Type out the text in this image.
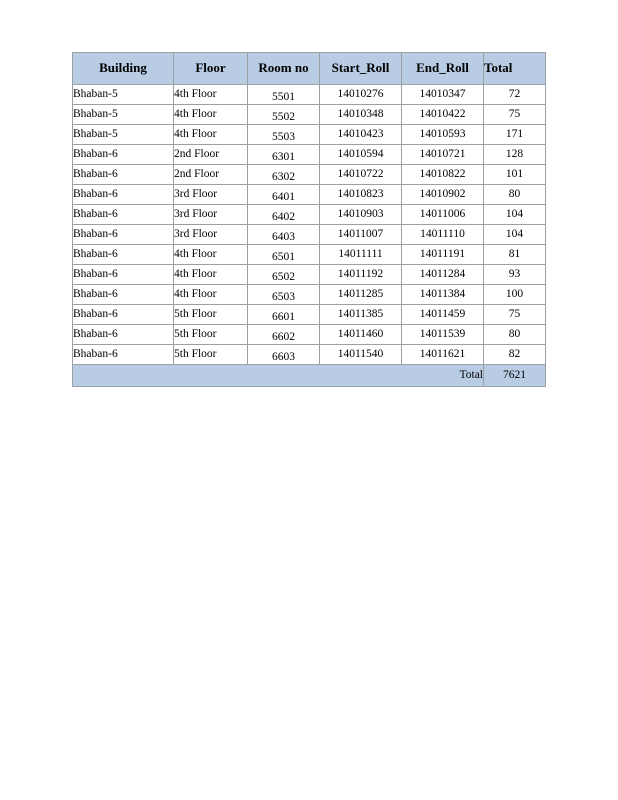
Building	Floor	Room no	Start_Roll	End_Roll	Total
Bhaban-5	4th Floor	5501	14010276	14010347	72
Bhaban-5	4th Floor	5502	14010348	14010422	75
Bhaban-5	4th Floor	5503	14010423	14010593	171
Bhaban-6	2nd Floor	6301	14010594	14010721	128
Bhaban-6	2nd Floor	6302	14010722	14010822	101
Bhaban-6	3rd Floor	6401	14010823	14010902	80
Bhaban-6	3rd Floor	6402	14010903	14011006	104
Bhaban-6	3rd Floor	6403	14011007	14011110	104
Bhaban-6	4th Floor	6501	14011111	14011191	81
Bhaban-6	4th Floor	6502	14011192	14011284	93
Bhaban-6	4th Floor	6503	14011285	14011384	100
Bhaban-6	5th Floor	6601	14011385	14011459	75
Bhaban-6	5th Floor	6602	14011460	14011539	80
Bhaban-6	5th Floor	6603	14011540	14011621	82
Total					7621
